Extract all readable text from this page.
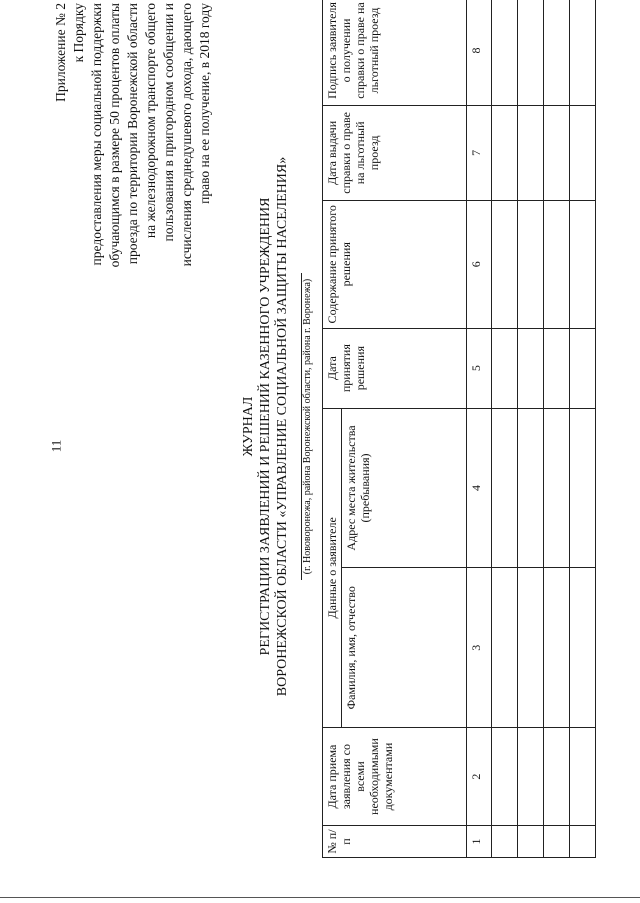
11
Приложение № 2 к Порядку предоставления меры социальной поддержки обучающимся в размере 50 процентов оплаты проезда по территории Воронежской области на железнодорожном транспорте общего пользования в пригородном сообщении и исчисления среднедушевого дохода, дающего право на ее получение, в 2018 году
ЖУРНАЛ РЕГИСТРАЦИИ ЗАЯВЛЕНИЙ И РЕШЕНИЙ КАЗЕННОГО УЧРЕЖДЕНИЯ ВОРОНЕЖСКОЙ ОБЛАСТИ «УПРАВЛЕНИЕ СОЦИАЛЬНОЙ ЗАЩИТЫ НАСЕЛЕНИЯ» (г. Нововоронежа, района Воронежской области, района г. Воронежа)
№ п/п	Дата приема заявления со всеми необходимыми документами	Данные о заявителе		Дата принятия решения	Содержание принятого решения	Дата выдачи справки о праве на льготный проезд	Подпись заявителя о получении справки о праве на льготный проезд
		Фамилия, имя, отчество	Адрес места жительства (пребывания)				
1	2	3	4	5	6	7	8
